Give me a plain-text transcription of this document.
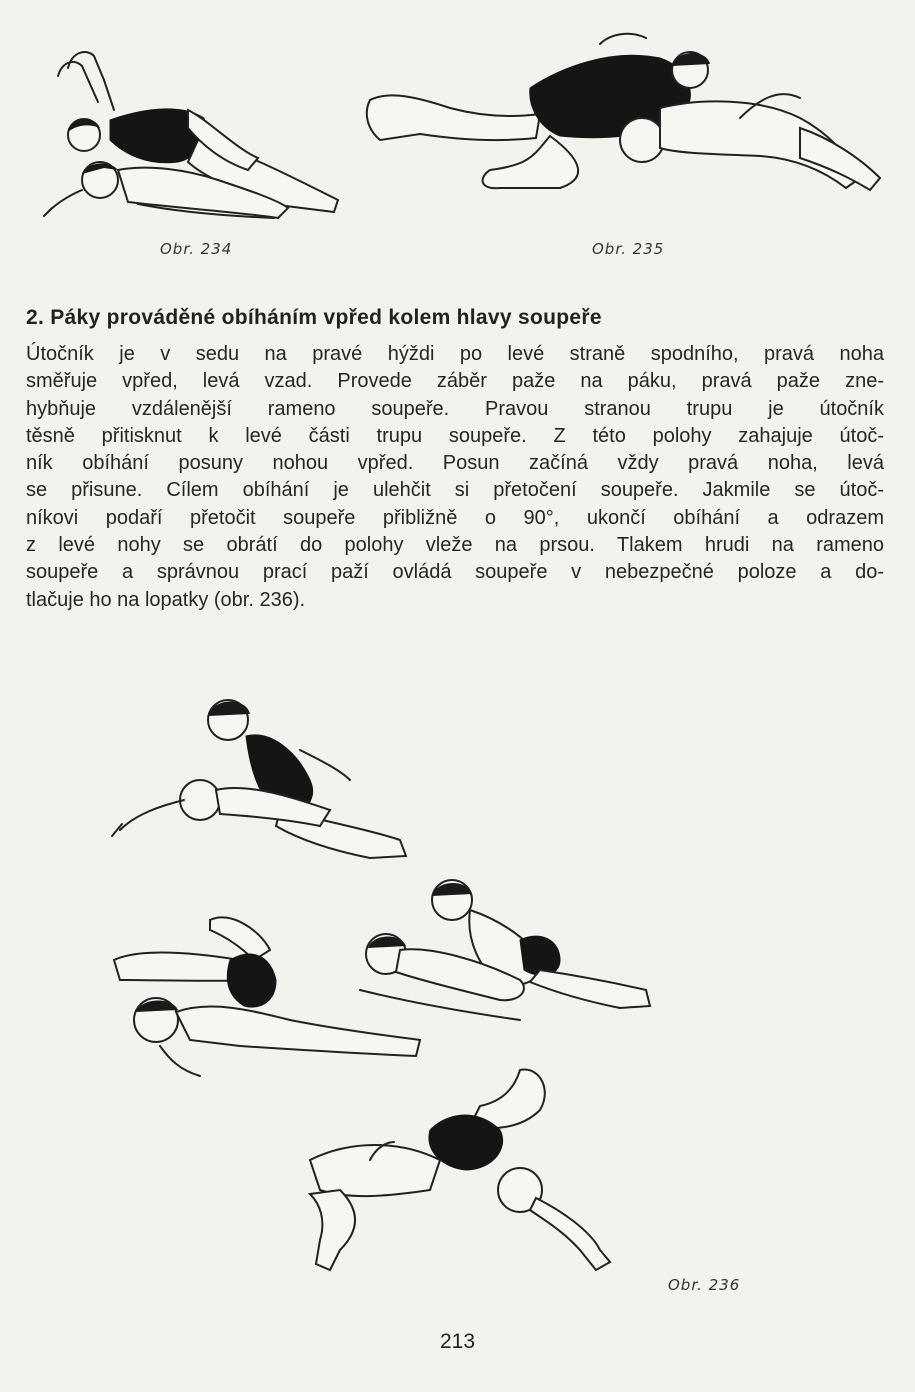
Obr. 234	Obr. 235
2. Páky prováděné obíháním vpřed kolem hlavy soupeře
Útočník je v sedu na pravé hýždi po levé straně spodního, pravá noha
směřuje vpřed, levá vzad. Provede záběr paže na páku, pravá paže zne-
hybňuje vzdálenější rameno soupeře. Pravou stranou trupu je útočník
těsně přitisknut k levé části trupu soupeře. Z této polohy zahajuje útoč-
ník obíhání posuny nohou vpřed. Posun začíná vždy pravá noha, levá
se přisune. Cílem obíhání je ulehčit si přetočení soupeře. Jakmile se útoč-
níkovi podaří přetočit soupeře přibližně o 90°, ukončí obíhání a odrazem
z levé nohy se obrátí do polohy vleže na prsou. Tlakem hrudi na rameno
soupeře a správnou prací paží ovládá soupeře v nebezpečné poloze a do-
tlačuje ho na lopatky (obr. 236).
Obr. 236
213
